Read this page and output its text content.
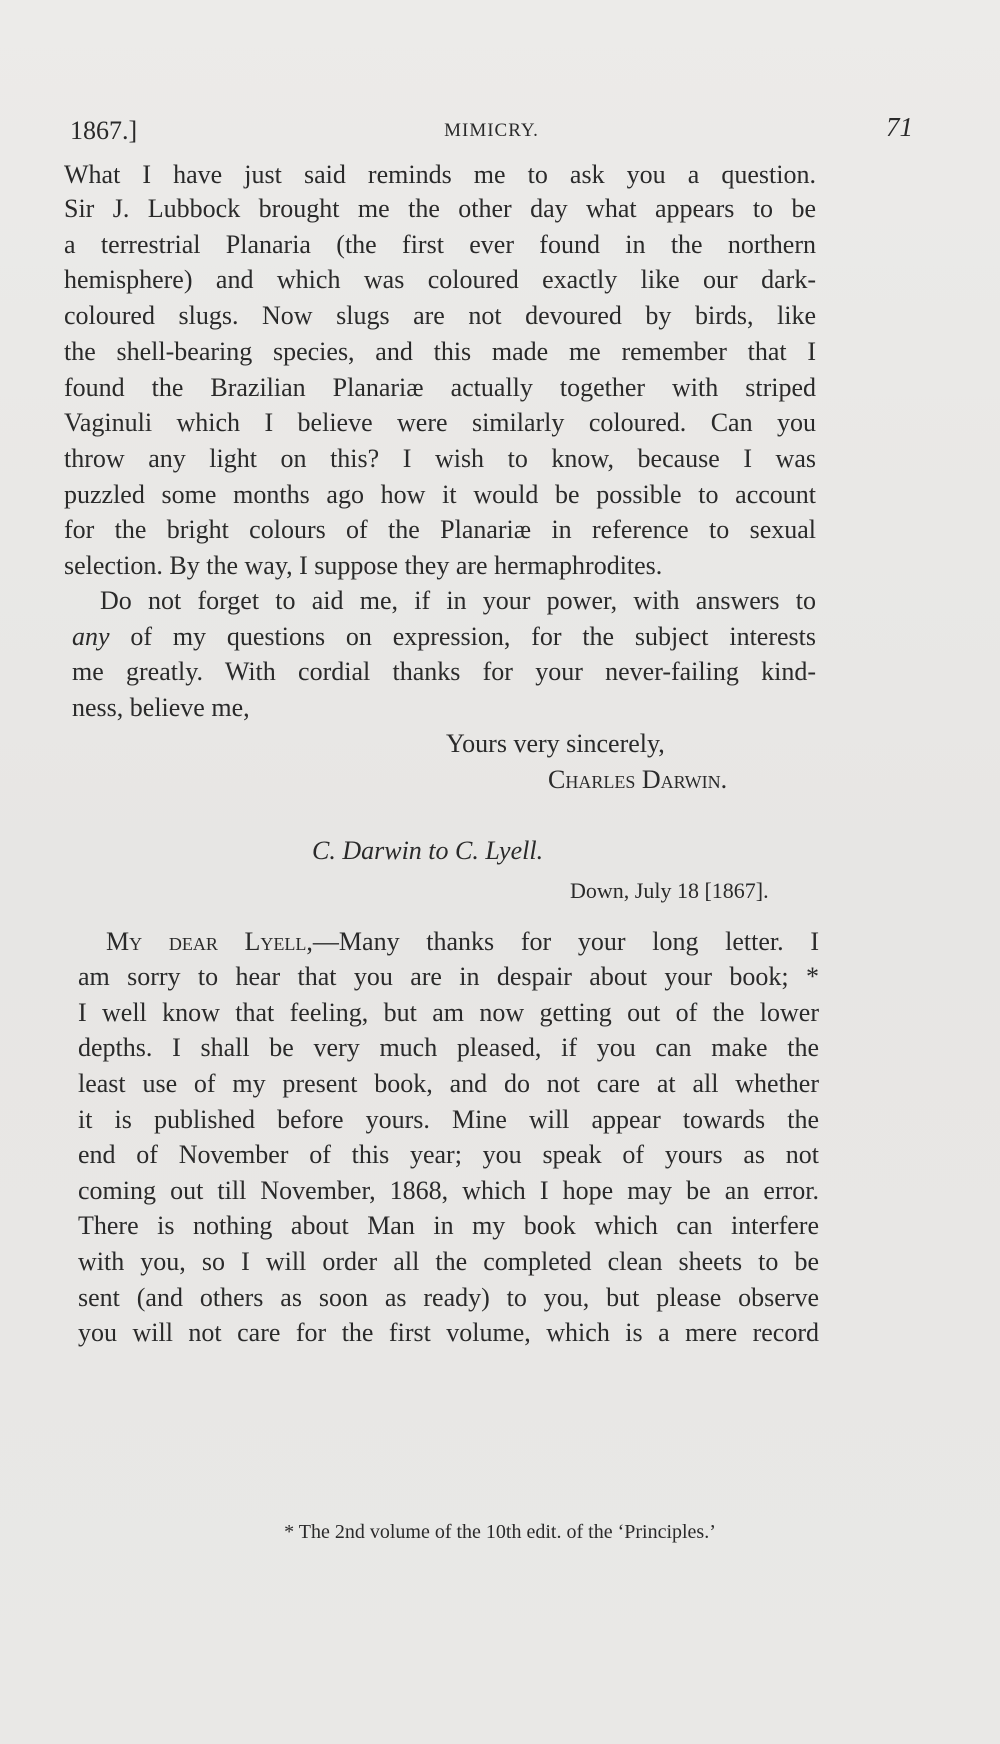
1867.]	MIMICRY.	71
What I have just said reminds me to ask you a question.
Sir J. Lubbock brought me the other day what appears to be
a terrestrial Planaria (the first ever found in the northern
hemisphere) and which was coloured exactly like our dark-
coloured slugs. Now slugs are not devoured by birds, like
the shell-bearing species, and this made me remember that I
found the Brazilian Planariæ actually together with striped
Vaginuli which I believe were similarly coloured. Can you
throw any light on this? I wish to know, because I was
puzzled some months ago how it would be possible to account
for the bright colours of the Planariæ in reference to sexual
selection. By the way, I suppose they are hermaphrodites.
Do not forget to aid me, if in your power, with answers to
any of my questions on expression, for the subject interests
me greatly. With cordial thanks for your never-failing kind-
ness, believe me,
Yours very sincerely,
Charles Darwin.
C. Darwin to C. Lyell.
Down, July 18 [1867].
My dear Lyell,—Many thanks for your long letter. I
am sorry to hear that you are in despair about your book; *
I well know that feeling, but am now getting out of the lower
depths. I shall be very much pleased, if you can make the
least use of my present book, and do not care at all whether
it is published before yours. Mine will appear towards the
end of November of this year; you speak of yours as not
coming out till November, 1868, which I hope may be an error.
There is nothing about Man in my book which can interfere
with you, so I will order all the completed clean sheets to be
sent (and others as soon as ready) to you, but please observe
you will not care for the first volume, which is a mere record
* The 2nd volume of the 10th edit. of the ‘Principles.’
